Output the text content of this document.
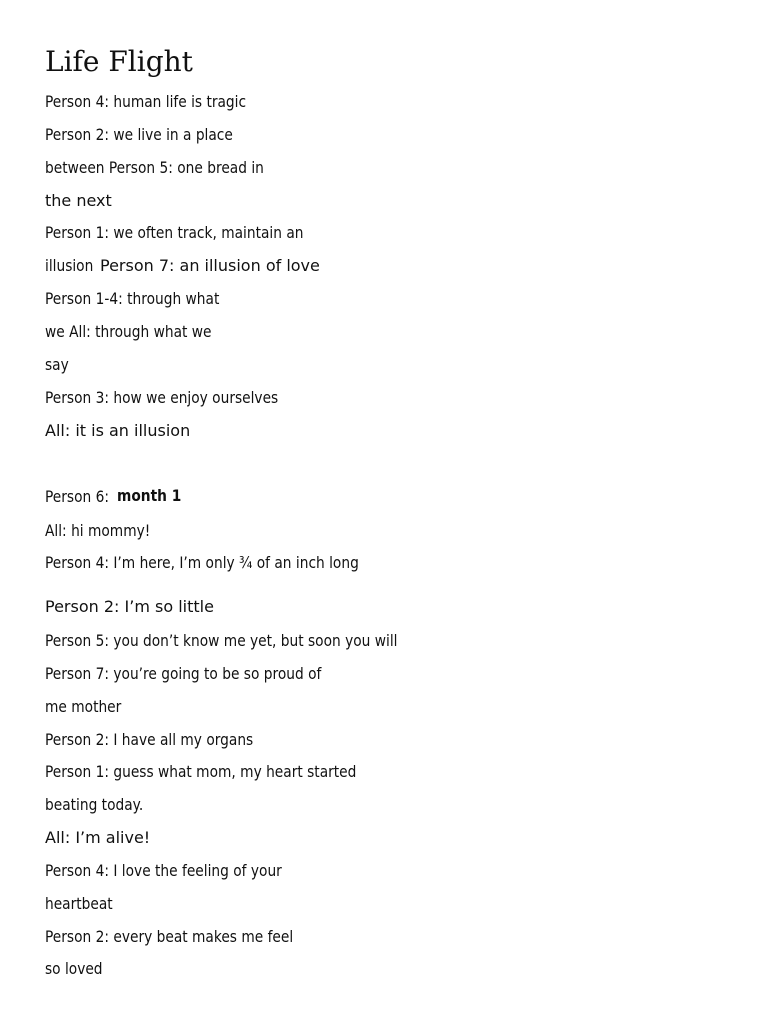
Life Flight
Person 4: human life is tragic
Person 2: we live in a place
between Person 5: one bread in
the next
Person 1: we often track, maintain an
illusion Person 7: an illusion of love
Person 1-4: through what
we All: through what we
say
Person 3: how we enjoy ourselves
All: it is an illusion
Person 6: month 1
All: hi mommy!
Person 4: I’m here, I’m only ¾ of an inch long
Person 2: I’m so little
Person 5: you don’t know me yet, but soon you will
Person 7: you’re going to be so proud of
me mother
Person 2: I have all my organs
Person 1: guess what mom, my heart started
beating today.
All: I’m alive!
Person 4: I love the feeling of your
heartbeat
Person 2: every beat makes me feel
so loved
